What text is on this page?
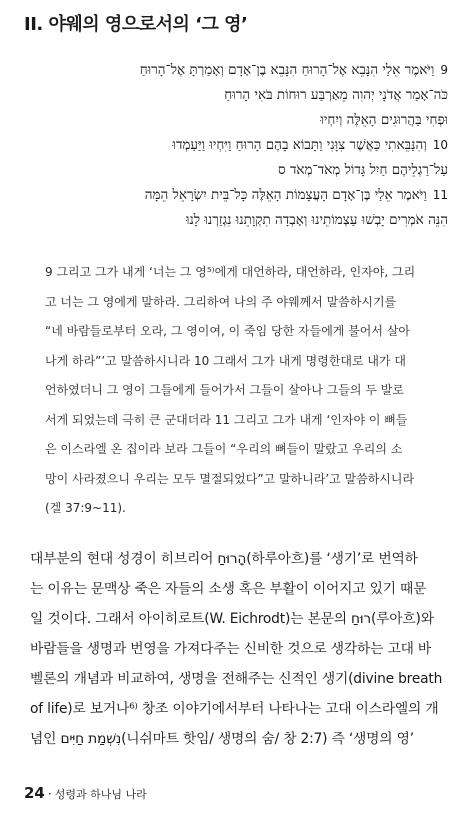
II. 야웨의 영으로서의 ‘그 영’
9וַיֹּאמֶר אֵלַי הִנָּבֵא אֶל־הָרוּחַ הִנָּבֵא בֶן־אָדָם וְאָמַרְתָּ אֶל־הָרוּחַ
כֹּה־אָמַר אֲדֹנָי יְהוִה מֵאַרְבַּע רוּחוֹת בֹּאִי הָרוּחַ
וּפְחִי בַּהֲרוּגִים הָאֵלֶּה וְיִחְיוּ
10וְהִנַּבֵּאתִי כַּאֲשֶׁר צִוָּנִי וַתָּבוֹא בָהֶם הָרוּחַ וַיִּחְיוּ וַיַּעַמְדוּ
עַל־רַגְלֵיהֶם חַיִל גָּדוֹל מְאֹד־מְאֹד ס
11וַיֹּאמֶר אֵלַי בֶּן־אָדָם הָעֲצָמוֹת הָאֵלֶּה כָּל־בֵּית יִשְׂרָאֵל הֵמָּה
הִנֵּה אֹמְרִים יָבְשׁוּ עַצְמוֹתֵינוּ וְאָבְדָה תִקְוָתֵנוּ נִגְזַרְנוּ לָנוּ
9 그리고 그가 내게 ‘너는 그 영⁵⁾에게 대언하라, 대언하라, 인자야, 그리
고 너는 그 영에게 말하라. 그리하여 나의 주 야웨께서 말씀하시기를
“네 바람들로부터 오라, 그 영이여, 이 죽임 당한 자들에게 불어서 살아
나게 하라”’고 말씀하시니라 10 그래서 그가 내게 명령한대로 내가 대
언하였더니 그 영이 그들에게 들어가서 그들이 살아나 그들의 두 발로
서게 되었는데 극히 큰 군대더라 11 그리고 그가 내게 ‘인자야 이 뼈들
은 이스라엘 온 집이라 보라 그들이 “우리의 뼈들이 말랐고 우리의 소
망이 사라졌으니 우리는 모두 멸절되었다”고 말하니라’고 말씀하시니라
(겔 37:9~11).
대부분의 현대 성경이 히브리어 הָרוּחַ(하루아흐)를 ‘생기’로 번역하
는 이유는 문맥상 죽은 자들의 소생 혹은 부활이 이어지고 있기 때문
일 것이다. 그래서 아이히로트(W. Eichrodt)는 본문의 רוּחַ(루아흐)와
바람들을 생명과 번영을 가져다주는 신비한 것으로 생각하는 고대 바
벨론의 개념과 비교하여, 생명을 전해주는 신적인 생기(divine breath
of life)로 보거나⁶⁾ 창조 이야기에서부터 나타나는 고대 이스라엘의 개
념인 נִשְׁמַת חַיִּים(니쉬마트 핫임/ 생명의 숨/ 창 2:7) 즉 ‘생명의 영’
24 · 성령과 하나님 나라
